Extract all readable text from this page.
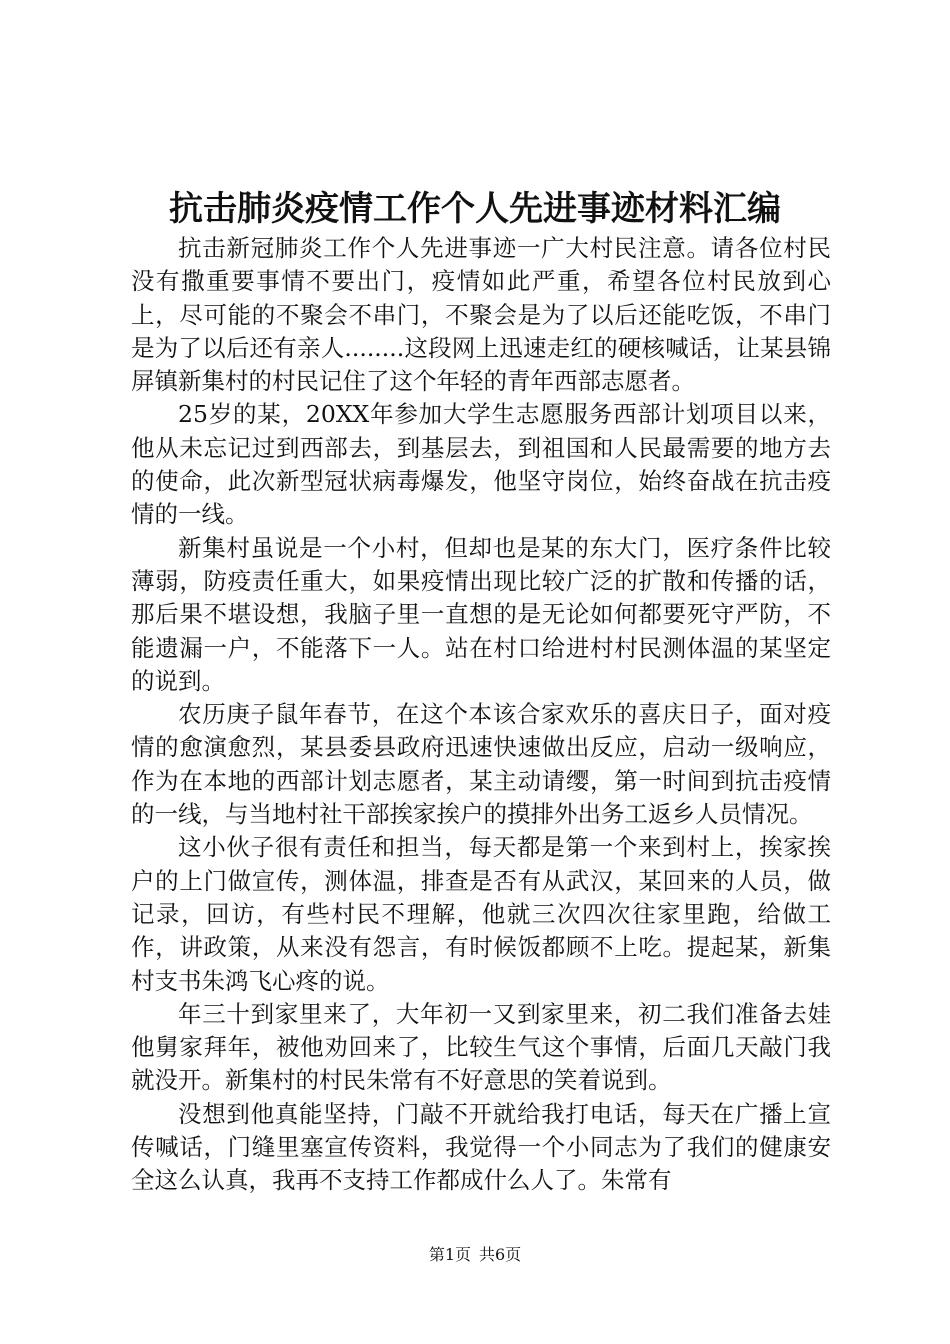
抗击肺炎疫情工作个人先进事迹材料汇编

抗击新冠肺炎工作个人先进事迹一广大村民注意。请各位村民没有撒重要事情不要出门，疫情如此严重，希望各位村民放到心上，尽可能的不聚会不串门，不聚会是为了以后还能吃饭，不串门是为了以后还有亲人........这段网上迅速走红的硬核喊话，让某县锦屏镇新集村的村民记住了这个年轻的青年西部志愿者。

25岁的某，20XX年参加大学生志愿服务西部计划项目以来，他从未忘记过到西部去，到基层去，到祖国和人民最需要的地方去的使命，此次新型冠状病毒爆发，他坚守岗位，始终奋战在抗击疫情的一线。

新集村虽说是一个小村，但却也是某的东大门，医疗条件比较薄弱，防疫责任重大，如果疫情出现比较广泛的扩散和传播的话，那后果不堪设想，我脑子里一直想的是无论如何都要死守严防，不能遗漏一户，不能落下一人。站在村口给进村村民测体温的某坚定的说到。

农历庚子鼠年春节，在这个本该合家欢乐的喜庆日子，面对疫情的愈演愈烈，某县委县政府迅速快速做出反应，启动一级响应，作为在本地的西部计划志愿者，某主动请缨，第一时间到抗击疫情的一线，与当地村社干部挨家挨户的摸排外出务工返乡人员情况。

这小伙子很有责任和担当，每天都是第一个来到村上，挨家挨户的上门做宣传，测体温，排查是否有从武汉，某回来的人员，做记录，回访，有些村民不理解，他就三次四次往家里跑，给做工作，讲政策，从来没有怨言，有时候饭都顾不上吃。提起某，新集村支书朱鸿飞心疼的说。

年三十到家里来了，大年初一又到家里来，初二我们准备去娃他舅家拜年，被他劝回来了，比较生气这个事情，后面几天敲门我就没开。新集村的村民朱常有不好意思的笑着说到。

没想到他真能坚持，门敲不开就给我打电话，每天在广播上宣传喊话，门缝里塞宣传资料，我觉得一个小同志为了我们的健康安全这么认真，我再不支持工作都成什么人了。朱常有

第1页 共6页
